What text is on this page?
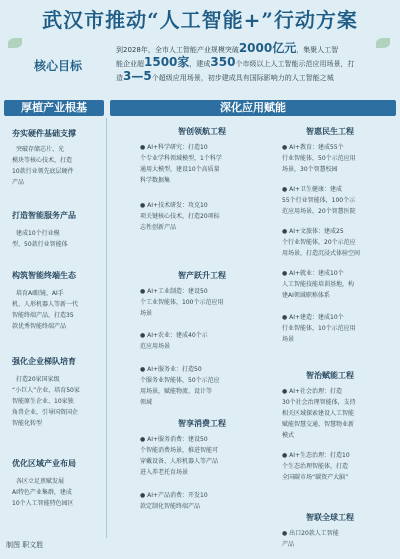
武汉市推动“人工智能+”行动方案
核心目标
到2028年，全市人工智能产业规模突破2000亿元，集聚人工智
能企业超1500家，建成350个市级以上人工智能示范应用场景，打
造3—5个超级应用场景，初步建成具有国际影响力的人工智能之城
厚植产业根基	深化应用赋能
夯实硬件基础支撑
突破存储芯片、光
模块等核心技术，打造
10款行业领先底层硬件
产品
打造智能服务产品
建成10个行业模
型、50款行业智能体
构筑智能终端生态
培育AI眼镜、AI手
机、人形机器人等新一代
智能终端产品，打造35
款优秀智能终端产品
强化企业梯队培育
打造20家国家级
“小巨人”企业，培育50家
智能原生企业、10家独
角兽企业，引导国资国企
智能化转型
优化区域产业布局
各区立足禀赋发展
AI特色产业集群，建成
10个人工智能特色园区
智创领航工程
● AI+科学研究：打造10
个专业学科领域模型，1个科学
通用大模型，建设10个高质量
科学数据集
● AI+技术研发：攻克10
项关键核心技术，打造20项标
志性创新产品
智产跃升工程
● AI+工业制造：建设50
个工业智能体，100个示范应用
场景
● AI+农业：建成40个示
范应用场景
● AI+服务业：打造50
个服务业智能体，50个示范应
用场景，赋能物流、设计等
领域
智享消费工程
● AI+服务消费：建设50
个智能消费场景，推进智能可
穿戴设备、人形机器人等产品
进入养老托育场景
● AI+产品消费：开发10
款定制化智能终端产品
智惠民生工程
● AI+教育：建成55个
行业智能体，50个示范应用
场景，30个智慧校园
● AI+卫生健康：建成
55个行业智能体，100个示
范应用场景，20个智慧医院
● AI+文旅体：建成25
个行业智能体，20个示范应
用场景，打造沉浸式体验空间
● AI+就业：建成10个
人工智能技能培训基地，构
建AI领域职称体系
● AI+建造：建成10个
行业智能体，10个示范应用
场景
智治赋能工程
● AI+社会治理：打造
30个社会治理智能体，支持
相关区域探索建设人工智能
赋能智慧交通、智慧物业新
模式
● AI+生态治理：打造10
个生态治理智能体，打造
全国碳市场“碳资产大脑”
智联全球工程
● 出口20款人工智能
产品
制图 职文胜
